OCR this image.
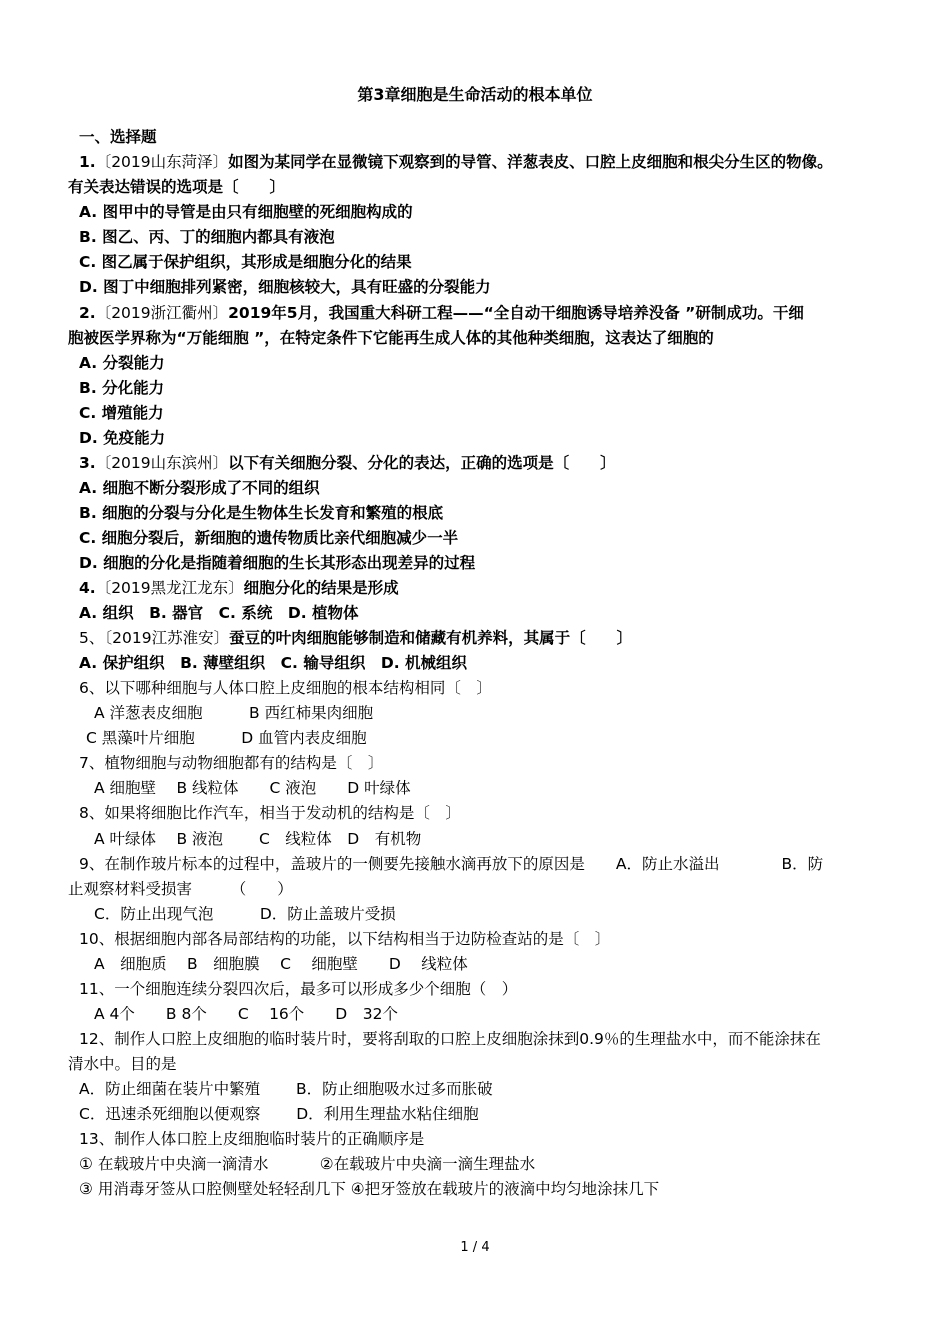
第3章细胞是生命活动的根本单位
一、选择题
1.〔2019山东菏泽〕如图为某同学在显微镜下观察到的导管、洋葱表皮、口腔上皮细胞和根尖分生区的物像。
有关表达错误的选项是〔　　〕
A. 图甲中的导管是由只有细胞壁的死细胞构成的
B. 图乙、丙、丁的细胞内都具有液泡
C. 图乙属于保护组织，其形成是细胞分化的结果
D. 图丁中细胞排列紧密，细胞核较大，具有旺盛的分裂能力
2.〔2019浙江衢州〕2019年5月，我国重大科研工程——“全自动干细胞诱导培养没备 ”研制成功。干细
胞被医学界称为“万能细胞 ”，在特定条件下它能再生成人体的其他种类细胞，这表达了细胞的
A. 分裂能力
B. 分化能力
C. 增殖能力
D. 免疫能力
3.〔2019山东滨州〕以下有关细胞分裂、分化的表达，正确的选项是〔　　〕
A. 细胞不断分裂形成了不同的组织
B. 细胞的分裂与分化是生物体生长发育和繁殖的根底
C. 细胞分裂后，新细胞的遗传物质比亲代细胞减少一半
D. 细胞的分化是指随着细胞的生长其形态出现差异的过程
4.〔2019黑龙江龙东〕细胞分化的结果是形成
A. 组织　B. 器官　C. 系统　D. 植物体
5、〔2019江苏淮安〕蚕豆的叶肉细胞能够制造和储藏有机养料，其属于〔　　〕
A. 保护组织　B. 薄壁组织　C. 输导组织　D. 机械组织
6、以下哪种细胞与人体口腔上皮细胞的根本结构相同〔　〕
A 洋葱表皮细胞　　　B 西红柿果肉细胞
C 黑藻叶片细胞　　　D 血管内表皮细胞
7、植物细胞与动物细胞都有的结构是〔　〕
A 细胞壁　 B 线粒体　　C 液泡　　D 叶绿体
8、如果将细胞比作汽车，相当于发动机的结构是〔　〕
A 叶绿体　 B 液泡　　 C　线粒体　D　有机物
9、在制作玻片标本的过程中，盖玻片的一侧要先接触水滴再放下的原因是　　A．防止水溢出　　　　B．防
止观察材料受损害　　　（　　）
C．防止出现气泡　　　D．防止盖玻片受损
10、根据细胞内部各局部结构的功能，以下结构相当于边防检查站的是〔　〕
A　细胞质　 B　细胞膜　 C　 细胞壁　　D　 线粒体
11、一个细胞连续分裂四次后，最多可以形成多少个细胞（　）
A 4个　　B 8个　　C　 16个　　D　32个
12、制作人口腔上皮细胞的临时装片时，要将刮取的口腔上皮细胞涂抹到0.9％的生理盐水中，而不能涂抹在
清水中。目的是
A．防止细菌在装片中繁殖　　 B．防止细胞吸水过多而胀破
C．迅速杀死细胞以便观察　　 D．利用生理盐水粘住细胞
13、制作人体口腔上皮细胞临时装片的正确顺序是
① 在载玻片中央滴一滴清水　　　 ②在载玻片中央滴一滴生理盐水
③ 用消毒牙签从口腔侧壁处轻轻刮几下 ④把牙签放在载玻片的液滴中均匀地涂抹几下
1 / 4
